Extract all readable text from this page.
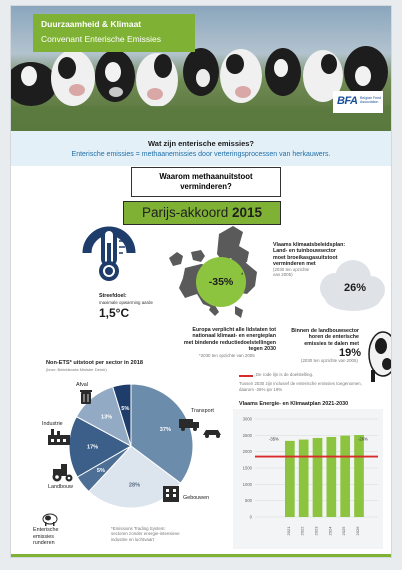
Duurzaamheid & Klimaat
Convenant Enterische Emissies
BFA Belgian Feed Association
Wat zijn enterische emissies?
Enterische emissies = methaanemissies door verteringsprocessen van herkauwers.
Waarom methaanuitstoot
verminderen?
Parijs-akkoord 2015
Streefdoel:
maximale opwarming aarde
1,5°C
-35% *
Europa verplicht alle lidstaten tot
nationaal klimaat- en energieplan
met bindende reductiedoelstellingen
tegen 2030
*2030 ten opzichte van 2005
Vlaams klimaatsbeleidsplan:
Land- en tuinbouwsector
moet broeikasgasuitstoot
verminderen met
(2030 ten opzichte
van 2005)
26%
Binnen de landbouwsector
horen de enterische
emissies te dalen met
19%
(2030 ten opzichte van 2005)
Non-ETS* uitstoot per sector in 2018
(bron: Beleidsnota Minister Demir)
37%
28%
5%
17%
13%
5%
Afval
Industrie
Landbouw
Enterische
emissies
runderen
Transport
Gebouwen
*Emissions Trading System:
sectoren zonder energie-intensieve
industrie en luchtvaart
De rode lijn is de doelstelling.
Tussen 2030 zijn inclusief de enterische emissies toegenomen,
daarom -26% ipv 19%
Vlaams Energie- en Klimaatplan 2021-2030
0
500
1000
1500
2000
2500
3000
2021 2022 2023 2024 2025 2026
-35%	-26%
